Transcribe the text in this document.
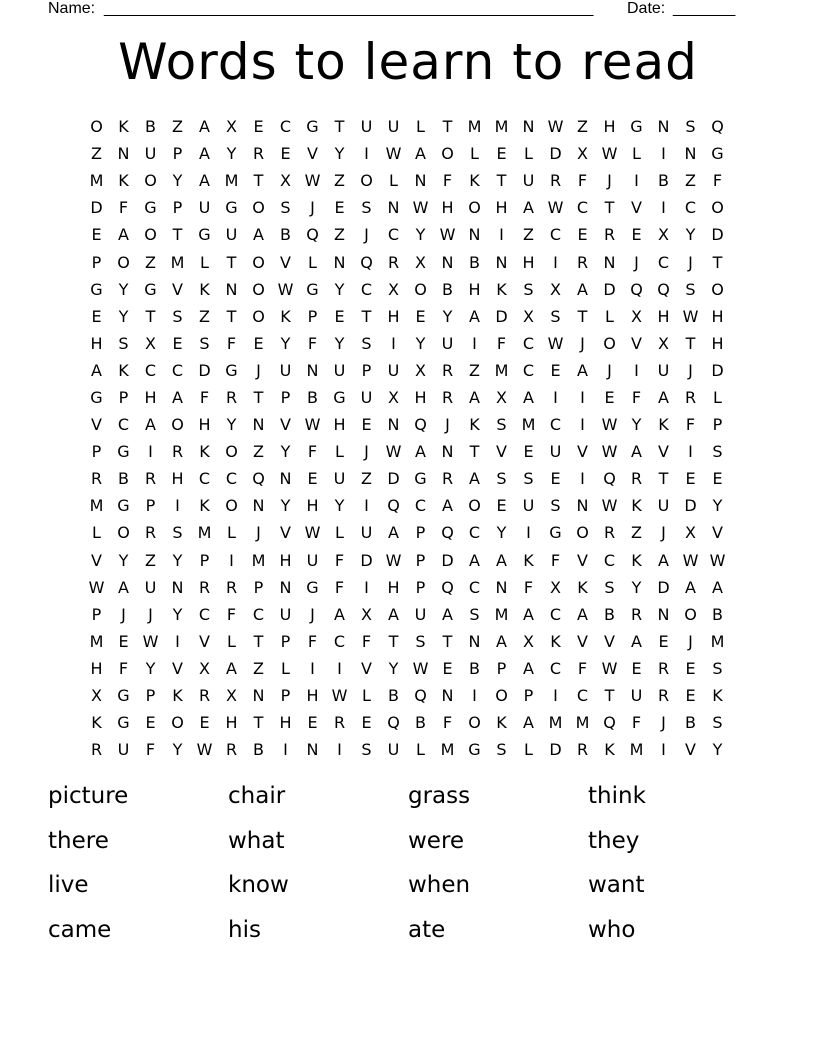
Name: _______________________________________________________ Date: _______
Words to learn to read
O K	B	Z	A	X	E	C G T	U U	L	T M M N W Z H G N S Q
Z N U	P	A	Y	R	E	V	Y	I	W A O	L	E	L	D X W L	I	N G
M K O Y	A M T	X W Z O	L	N	F	K	T	U R	F	J	I	B	Z	F
D	F	G P	U G O S	J	E	S N W H O H A W C	T	V	I	C O
E	A O T G U A	B Q Z	J	C	Y W N	I	Z C	E	R	E	X	Y D
P O Z M L	T O V	L	N Q R X N B N H	I	R N	J	C	J	T
G Y G V	K N O W G Y	C X O B H K	S	X	A D Q Q S O
E	Y	T	S	Z	T O K	P	E	T	H E	Y	A D X	S	T	L	X H W H
H S	X	E	S	F	E	Y	F	Y	S	I	Y	U	I	F	C W	J	O V	X	T	H
A	K	C C D G	J	U N U	P	U X R Z M C	E	A	J	I	U	J	D
G P	H A	F	R	T	P	B G U X H R A	X	A	I	I	E	F	A R	L
V C A O H	Y	N V W H E N Q	J	K	S M C	I	W Y	K	F	P
P G	I	R	K O Z	Y	F	L	J	W A N	T	V	E	U V W A	V	I	S
R B R H C C Q N E	U Z D G R A	S	S	E	I	Q R	T	E	E
M G P	I	K O N	Y	H	Y	I	Q C A O E	U	S N W K U D Y
L	O R	S M L	J	V W L	U A	P Q C	Y	I	G O R Z	J	X	V
V	Y	Z	Y	P	I	M H U	F	D W P	D A	A	K	F	V C	K	A W W
W A U N R R	P	N G	F	I	H	P Q C N	F	X	K	S	Y D A	A
P	J	J	Y	C	F	C U	J	A	X	A U A	S M A C A	B R N O B
M E W	I	V	L	T	P	F	C	F	T	S	T	N A	X	K	V	V	A	E	J	M
H	F	Y	V	X	A	Z	L	I	I	V	Y W E	B	P	A C	F W E	R	E	S
X G P	K	R X N	P	H W L	B Q N	I	O P	I	C	T	U R	E	K
K G E O E H	T	H E	R	E Q B	F	O K	A M M Q	F	J	B	S
R U	F	Y W R B	I	N	I	S	U	L M G S	L	D R	K M	I	V	Y
picture	chair	grass	think
there	what	were	they
live	know	when	want
came	his	ate	who
